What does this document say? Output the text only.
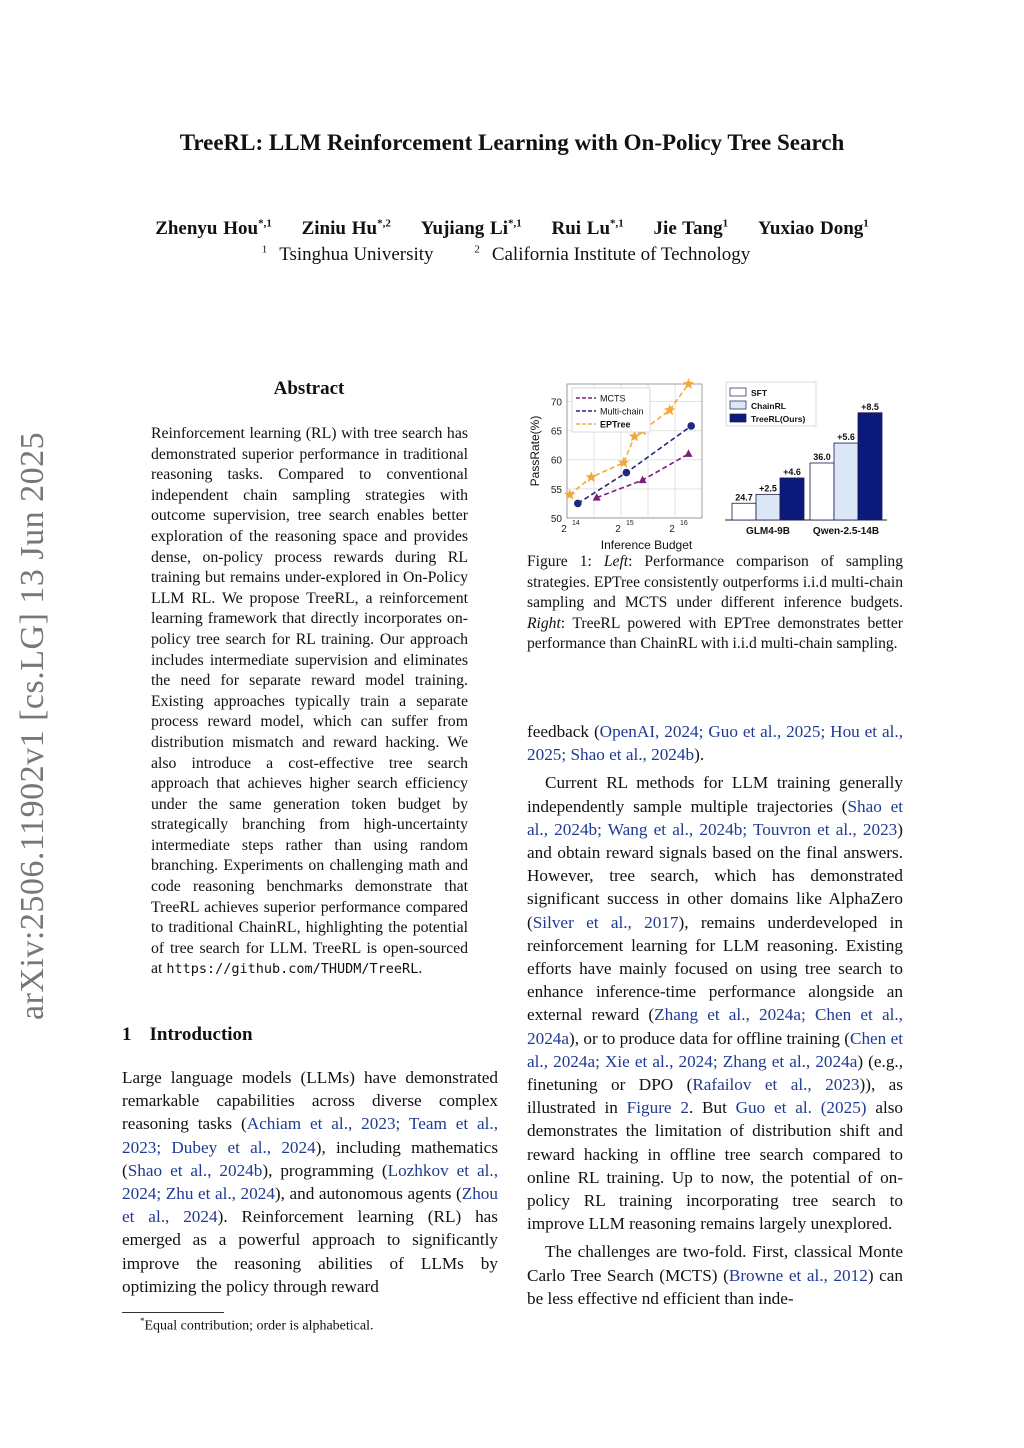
TreeRL: LLM Reinforcement Learning with On-Policy Tree Search
Zhenyu Hou$^{*,1}$ Ziniu $Hu^{*,2}$ Yujiang $Li^{*,1}$ Rui $Lu^{*,1}$ Jie Tang$^1$ Yuxiao Dong$^1$
$^1$ Tsinghua University	$^2$ California Institute of Technology
arXiv:2506.11902v1 [cs.LG] 13 Jun 2025
Abstract
Reinforcement learning (RL) with tree search has demonstrated superior performance in traditional reasoning tasks. Compared to conventional independent chain sampling strategies with outcome supervision, tree search enables better exploration of the reasoning space and provides dense, on-policy process rewards during RL training but remains under-explored in On-Policy LLM RL. We propose TreeRL, a reinforcement learning framework that directly incorporates on-policy tree search for RL training. Our approach includes intermediate supervision and eliminates the need for separate reward model training. Existing approaches typically train a separate process reward model, which can suffer from distribution mismatch and reward hacking. We also introduce a cost-effective tree search approach that achieves higher search efficiency under the same generation token budget by strategically branching from high-uncertainty intermediate steps rather than using random branching. Experiments on challenging math and code reasoning benchmarks demonstrate that TreeRL achieves superior performance compared to traditional ChainRL, highlighting the potential of tree search for LLM. TreeRL is open-sourced at https://github.com/THUDM/TreeRL.
1 Introduction

Large language models (LLMs) have demonstrated remarkable capabilities across diverse complex reasoning tasks (Achiam et al., 2023; Team et al., 2023; Dubey et al., 2024), including mathematics (Shao et al., 2024b), programming (Lozhkov et al., 2024; Zhu et al., 2024), and autonomous agents (Zhou et al., 2024). Reinforcement learning (RL) has emerged as a powerful approach to significantly improve the reasoning abilities of LLMs by optimizing the policy through reward

*Equal contribution; order is alphabetical.
50
55
60
65
70
2
14
2
15
2
16
Inference Budget
PassRate(%)
MCTS
Multi-chain
EPTree
24.7
+2.5
+4.6
GLM4-9B
36.0
+5.6
+8.5
Qwen-2.5-14B
SFT
ChainRL
TreeRL(Ours)
Figure 1: Left: Performance comparison of sampling strategies. EPTree consistently outperforms i.i.d multi-chain sampling and MCTS under different inference budgets. Right: TreeRL powered with EPTree demonstrates better performance than ChainRL with i.i.d multi-chain sampling.

feedback (OpenAI, 2024; Guo et al., 2025; Hou et al., 2025; Shao et al., 2024b).

Current RL methods for LLM training generally independently sample multiple trajectories (Shao et al., 2024b; Wang et al., 2024b; Touvron et al., 2023) and obtain reward signals based on the final answers. However, tree search, which has demonstrated significant success in other domains like AlphaZero (Silver et al., 2017), remains underdeveloped in reinforcement learning for LLM reasoning. Existing efforts have mainly focused on using tree search to enhance inference-time performance alongside an external reward (Zhang et al., 2024a; Chen et al., 2024a), or to produce data for offline training (Chen et al., 2024a; Xie et al., 2024; Zhang et al., 2024a) (e.g., finetuning or DPO (Rafailov et al., 2023)), as illustrated in Figure 2. But Guo et al. (2025) also demonstrates the limitation of distribution shift and reward hacking in offline tree search compared to online RL training. Up to now, the potential of on-policy RL training incorporating tree search to improve LLM reasoning remains largely unexplored.

The challenges are two-fold. First, classical Monte Carlo Tree Search (MCTS) (Browne et al., 2012) can be less effective nd efficient than inde-
